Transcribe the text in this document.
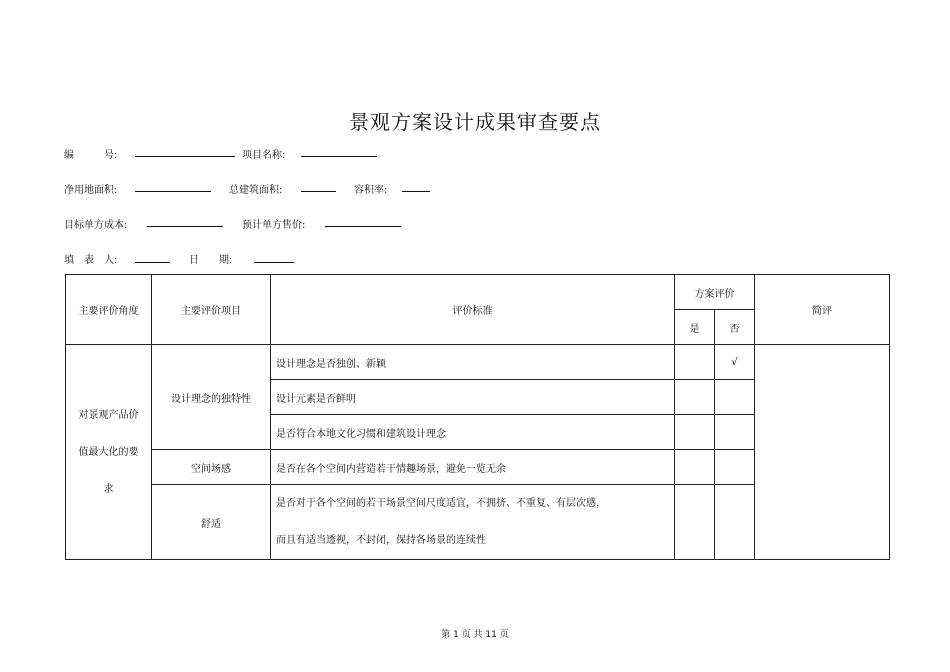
景观方案设计成果审查要点
编　　　号:	项目名称:
净用地面积:	总建筑面积:	容积率:
目标单方成本:	预计单方售价:
填　表　人:	日　　期:
主要评价角度	主要评价项目	评价标准	方案评价		简评
			是	否	

对景观产品价
值最大化的要
求	设计理念的独特性	设计理念是否独创、新颖		√	
		设计元素是否鲜明			
		是否符合本地文化习惯和建筑设计理念			
	空间场感	是否在各个空间内营造若干情趣场景，避免一览无余			
	舒适	是否对于各个空间的若干场景空间尺度适宜，不拥挤、不重复、有层次感，
而且有适当透视，不封闭，保持各场景的连续性			

第 1 页 共 11 页
